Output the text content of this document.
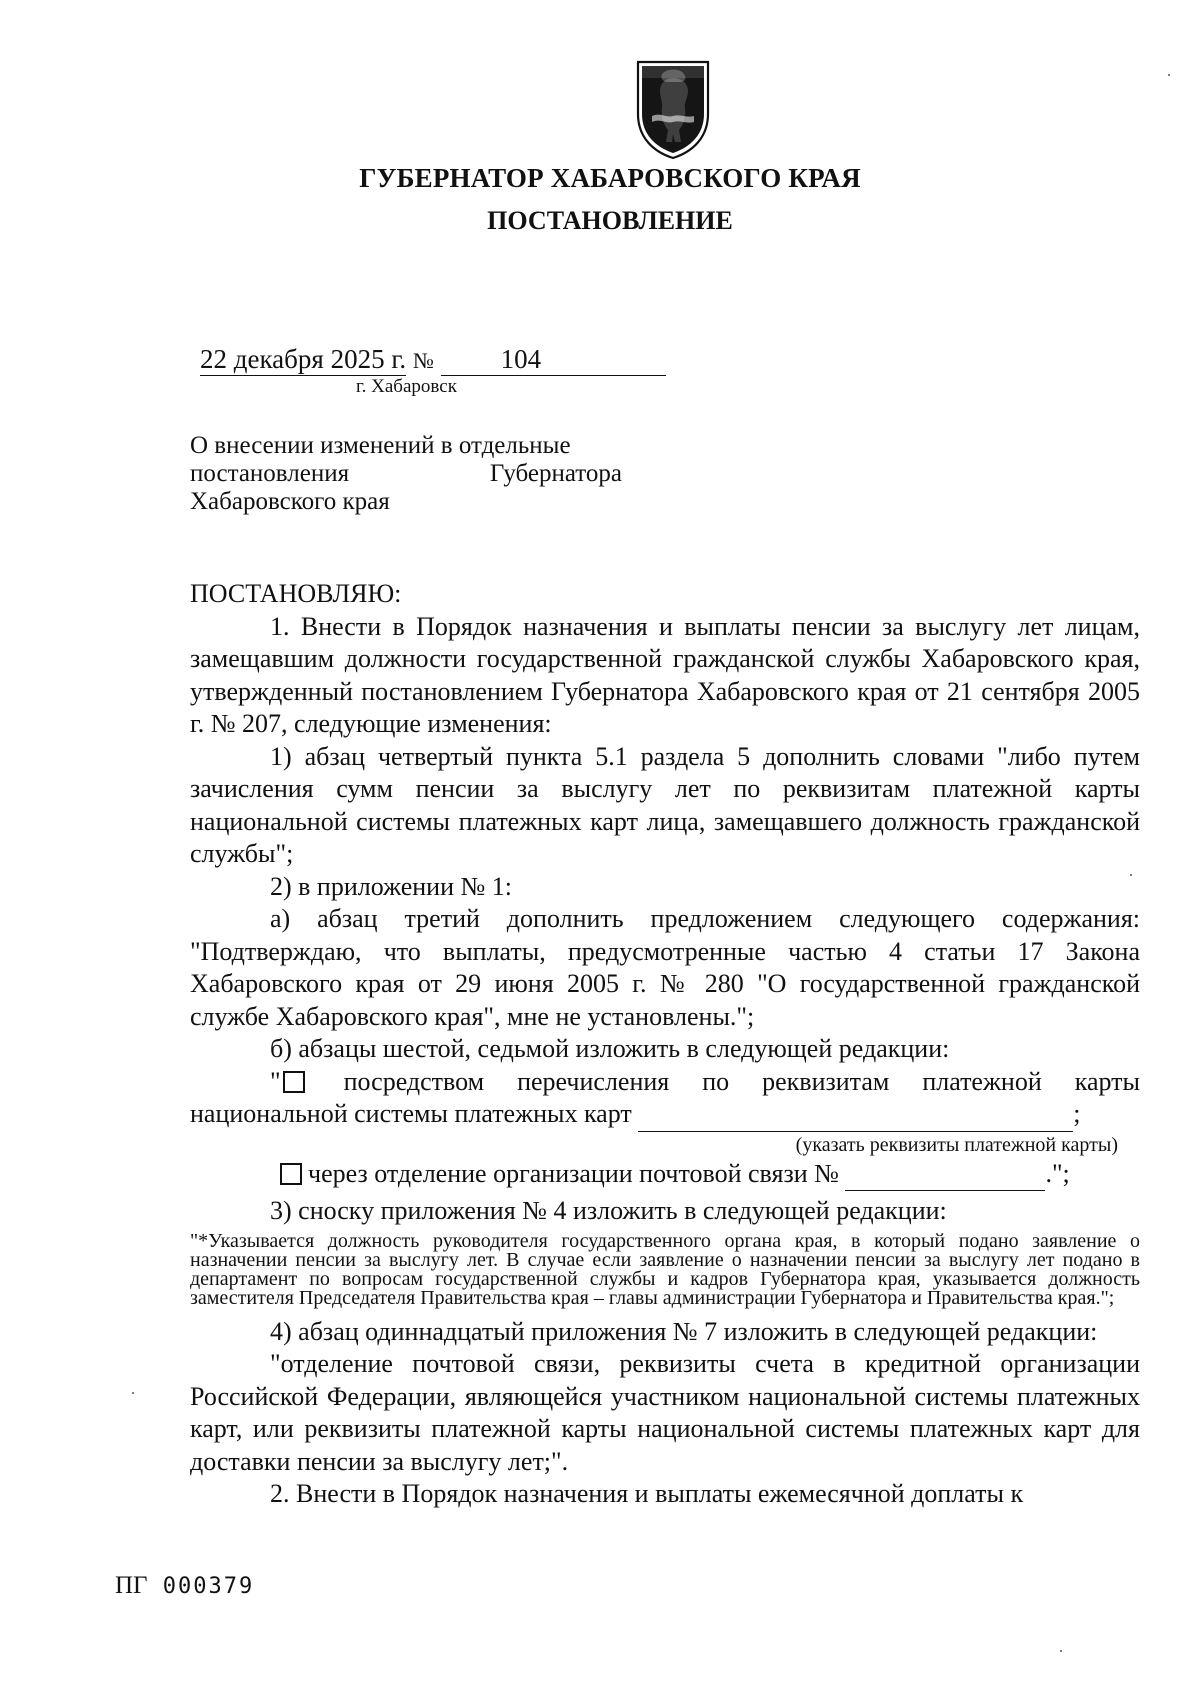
ГУБЕРНАТОР ХАБАРОВСКОГО КРАЯ
ПОСТАНОВЛЕНИЕ
22 декабря 2025 г. № 104
г. Хабаровск
О внесении изменений в отдельные
постановления	Губернатора
Хабаровского края

ПОСТАНОВЛЯЮ:

1. Внести в Порядок назначения и выплаты пенсии за выслугу лет лицам, замещавшим должности государственной гражданской службы Хабаровского края, утвержденный постановлением Губернатора Хабаровского края от 21 сентября 2005 г. № 207, следующие изменения:

1) абзац четвертый пункта 5.1 раздела 5 дополнить словами "либо путем зачисления сумм пенсии за выслугу лет по реквизитам платежной карты национальной системы платежных карт лица, замещавшего должность гражданской службы";

2) в приложении № 1:

а) абзац третий дополнить предложением следующего содержания: "Подтверждаю, что выплаты, предусмотренные частью 4 статьи 17 Закона Хабаровского края от 29 июня 2005 г. № 280 "О государственной гражданской службе Хабаровского края", мне не установлены.";

б) абзацы шестой, седьмой изложить в следующей редакции:

" посредством перечисления по реквизитам платежной карты

национальной системы платежных карт	;

(указать реквизиты платежной карты)

через отделение организации почтовой связи №	.";

3) сноску приложения № 4 изложить в следующей редакции:

"*Указывается должность руководителя государственного органа края, в который подано заявление о назначении пенсии за выслугу лет. В случае если заявление о назначении пенсии за выслугу лет подано в департамент по вопросам государственной службы и кадров Губернатора края, указывается должность заместителя Председателя Правительства края – главы администрации Губернатора и Правительства края.";

4) абзац одиннадцатый приложения № 7 изложить в следующей редакции:

"отделение почтовой связи, реквизиты счета в кредитной организации Российской Федерации, являющейся участником национальной системы платежных карт, или реквизиты платежной карты национальной системы платежных карт для доставки пенсии за выслугу лет;".

2. Внести в Порядок назначения и выплаты ежемесячной доплаты к

ПГ 000379
